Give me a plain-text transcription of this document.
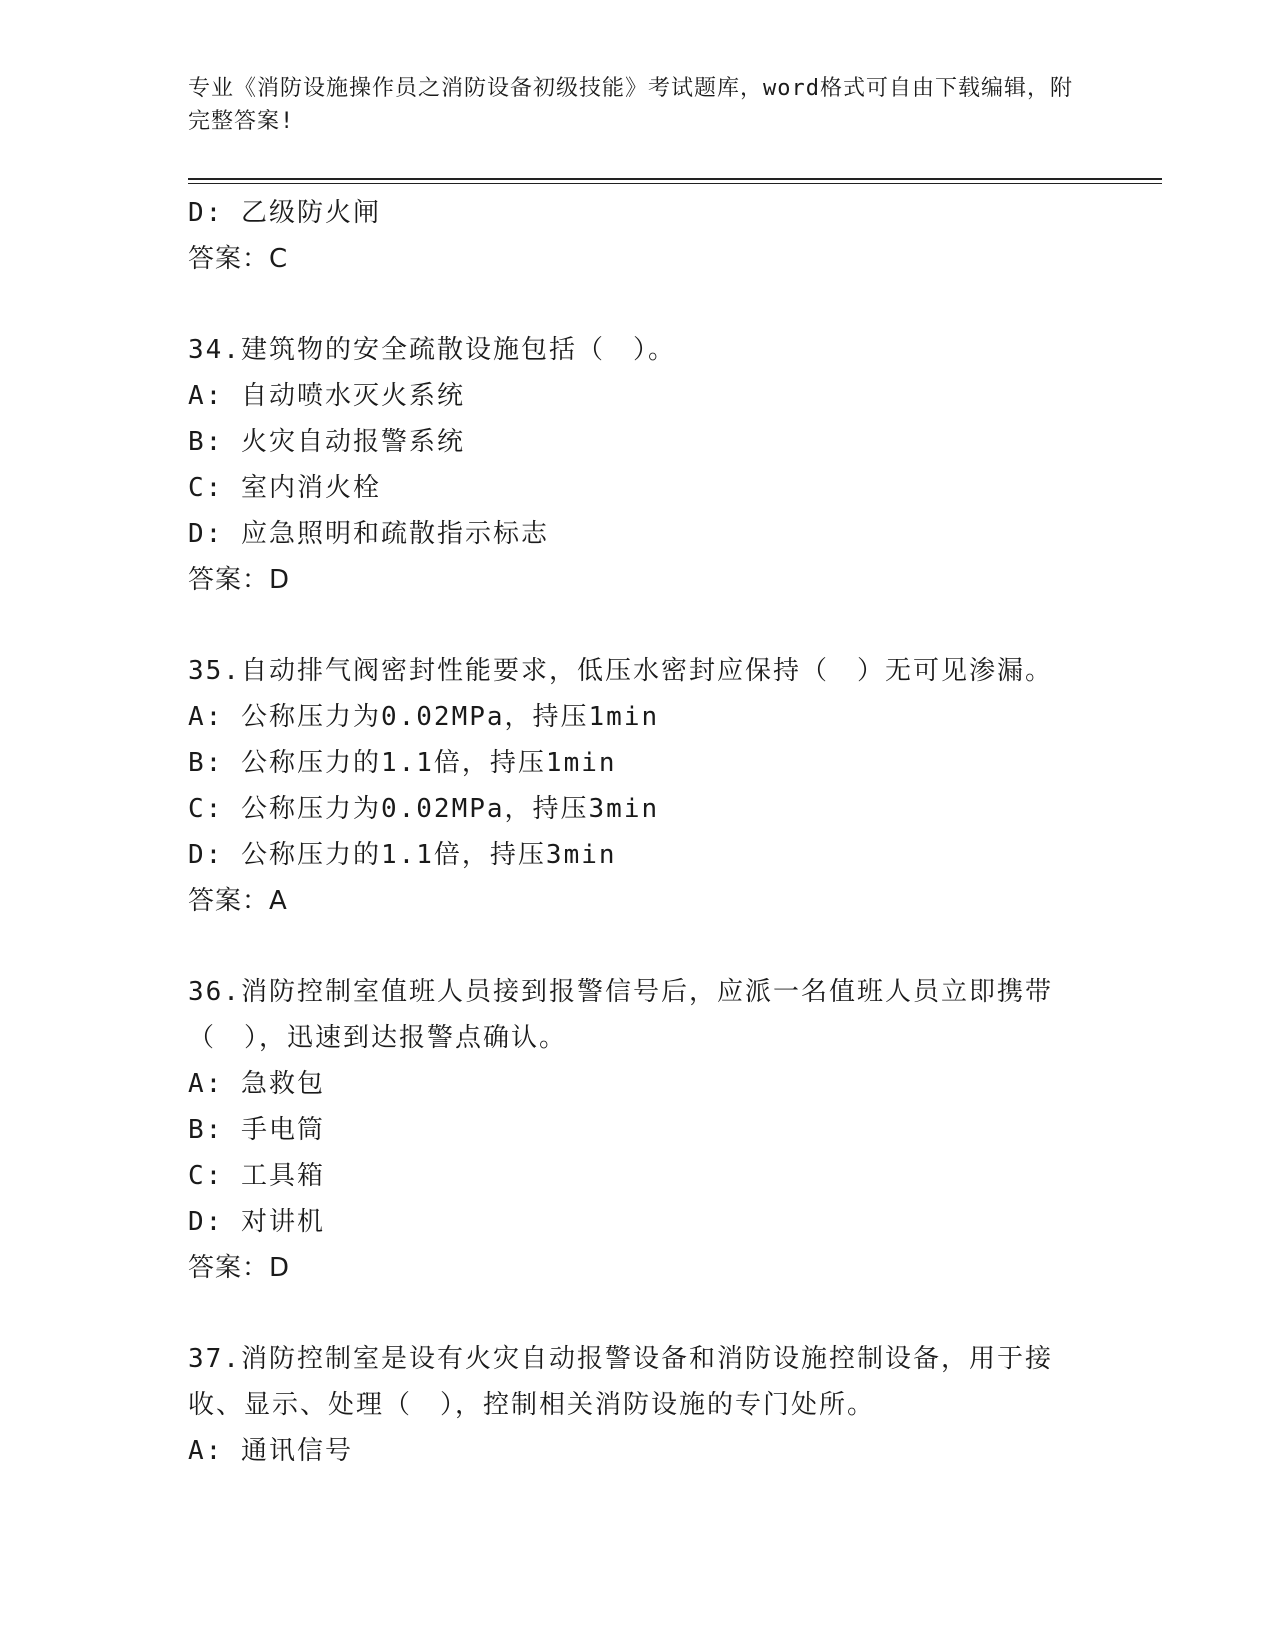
专业《消防设施操作员之消防设备初级技能》考试题库，word格式可自由下载编辑，附完整答案!
D: 乙级防火闸
答案：C
34.建筑物的安全疏散设施包括（　）。
A: 自动喷水灭火系统
B: 火灾自动报警系统
C: 室内消火栓
D: 应急照明和疏散指示标志
答案：D
35.自动排气阀密封性能要求，低压水密封应保持（　）无可见渗漏。
A: 公称压力为0.02MPa，持压1min
B: 公称压力的1.1倍，持压1min
C: 公称压力为0.02MPa，持压3min
D: 公称压力的1.1倍，持压3min
答案：A
36.消防控制室值班人员接到报警信号后，应派一名值班人员立即携带
（　），迅速到达报警点确认。
A: 急救包
B: 手电筒
C: 工具箱
D: 对讲机
答案：D
37.消防控制室是设有火灾自动报警设备和消防设施控制设备，用于接
收、显示、处理（　），控制相关消防设施的专门处所。
A: 通讯信号
